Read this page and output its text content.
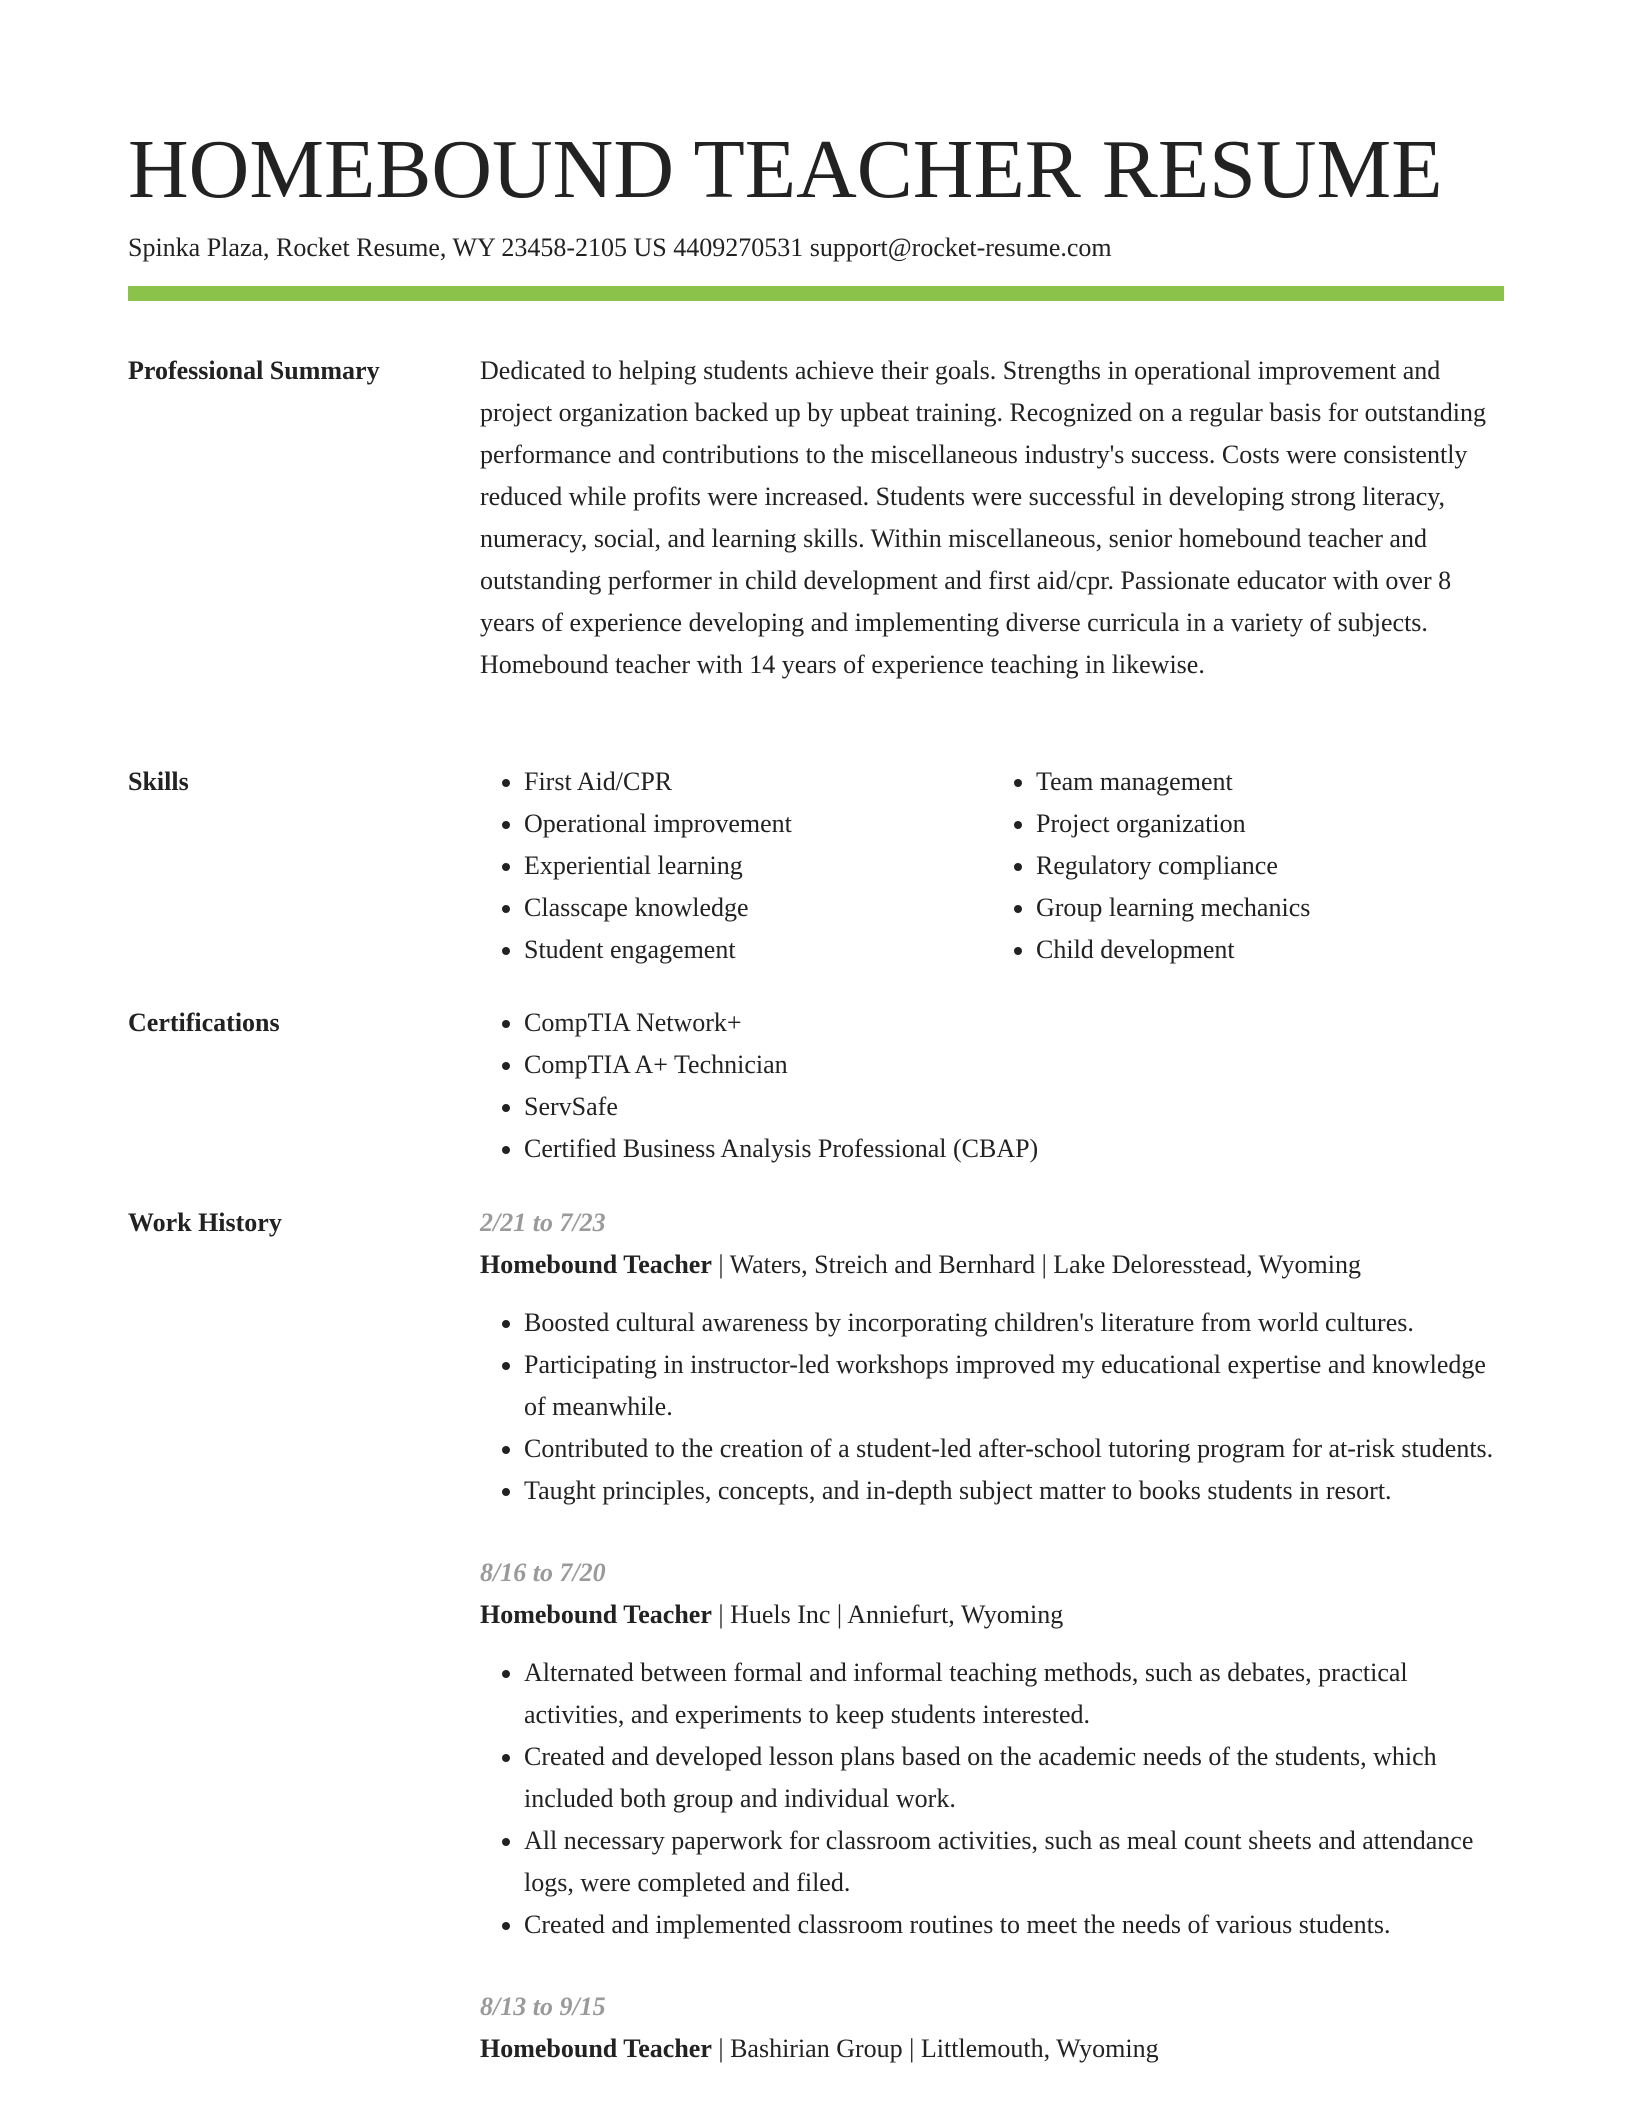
HOMEBOUND TEACHER RESUME
Spinka Plaza, Rocket Resume, WY 23458-2105 US 4409270531 support@rocket-resume.com
Professional Summary	Dedicated to helping students achieve their goals. Strengths in operational improvement and project organization backed up by upbeat training. Recognized on a regular basis for outstanding performance and contributions to the miscellaneous industry's success. Costs were consistently reduced while profits were increased. Students were successful in developing strong literacy, numeracy, social, and learning skills. Within miscellaneous, senior homebound teacher and outstanding performer in child development and first aid/cpr. Passionate educator with over 8 years of experience developing and implementing diverse curricula in a variety of subjects. Homebound teacher with 14 years of experience teaching in likewise.

Skills	• First Aid/CPR
• Operational improvement
• Experiential learning
• Classcape knowledge
• Student engagement
• Team management
• Project organization
• Regulatory compliance
• Group learning mechanics
• Child development
Certifications	• CompTIA Network+
• CompTIA A+ Technician
• ServSafe
• Certified Business Analysis Professional (CBAP)
Work History	2/21 to 7/23
Homebound Teacher | Waters, Streich and Bernhard | Lake Deloresstead, Wyoming
• Boosted cultural awareness by incorporating children's literature from world cultures.
• Participating in instructor-led workshops improved my educational expertise and knowledge of meanwhile.
• Contributed to the creation of a student-led after-school tutoring program for at-risk students.
• Taught principles, concepts, and in-depth subject matter to books students in resort.
8/16 to 7/20
Homebound Teacher | Huels Inc | Anniefurt, Wyoming
• Alternated between formal and informal teaching methods, such as debates, practical activities, and experiments to keep students interested.
• Created and developed lesson plans based on the academic needs of the students, which included both group and individual work.
• All necessary paperwork for classroom activities, such as meal count sheets and attendance logs, were completed and filed.
• Created and implemented classroom routines to meet the needs of various students.
8/13 to 9/15
Homebound Teacher | Bashirian Group | Littlemouth, Wyoming
